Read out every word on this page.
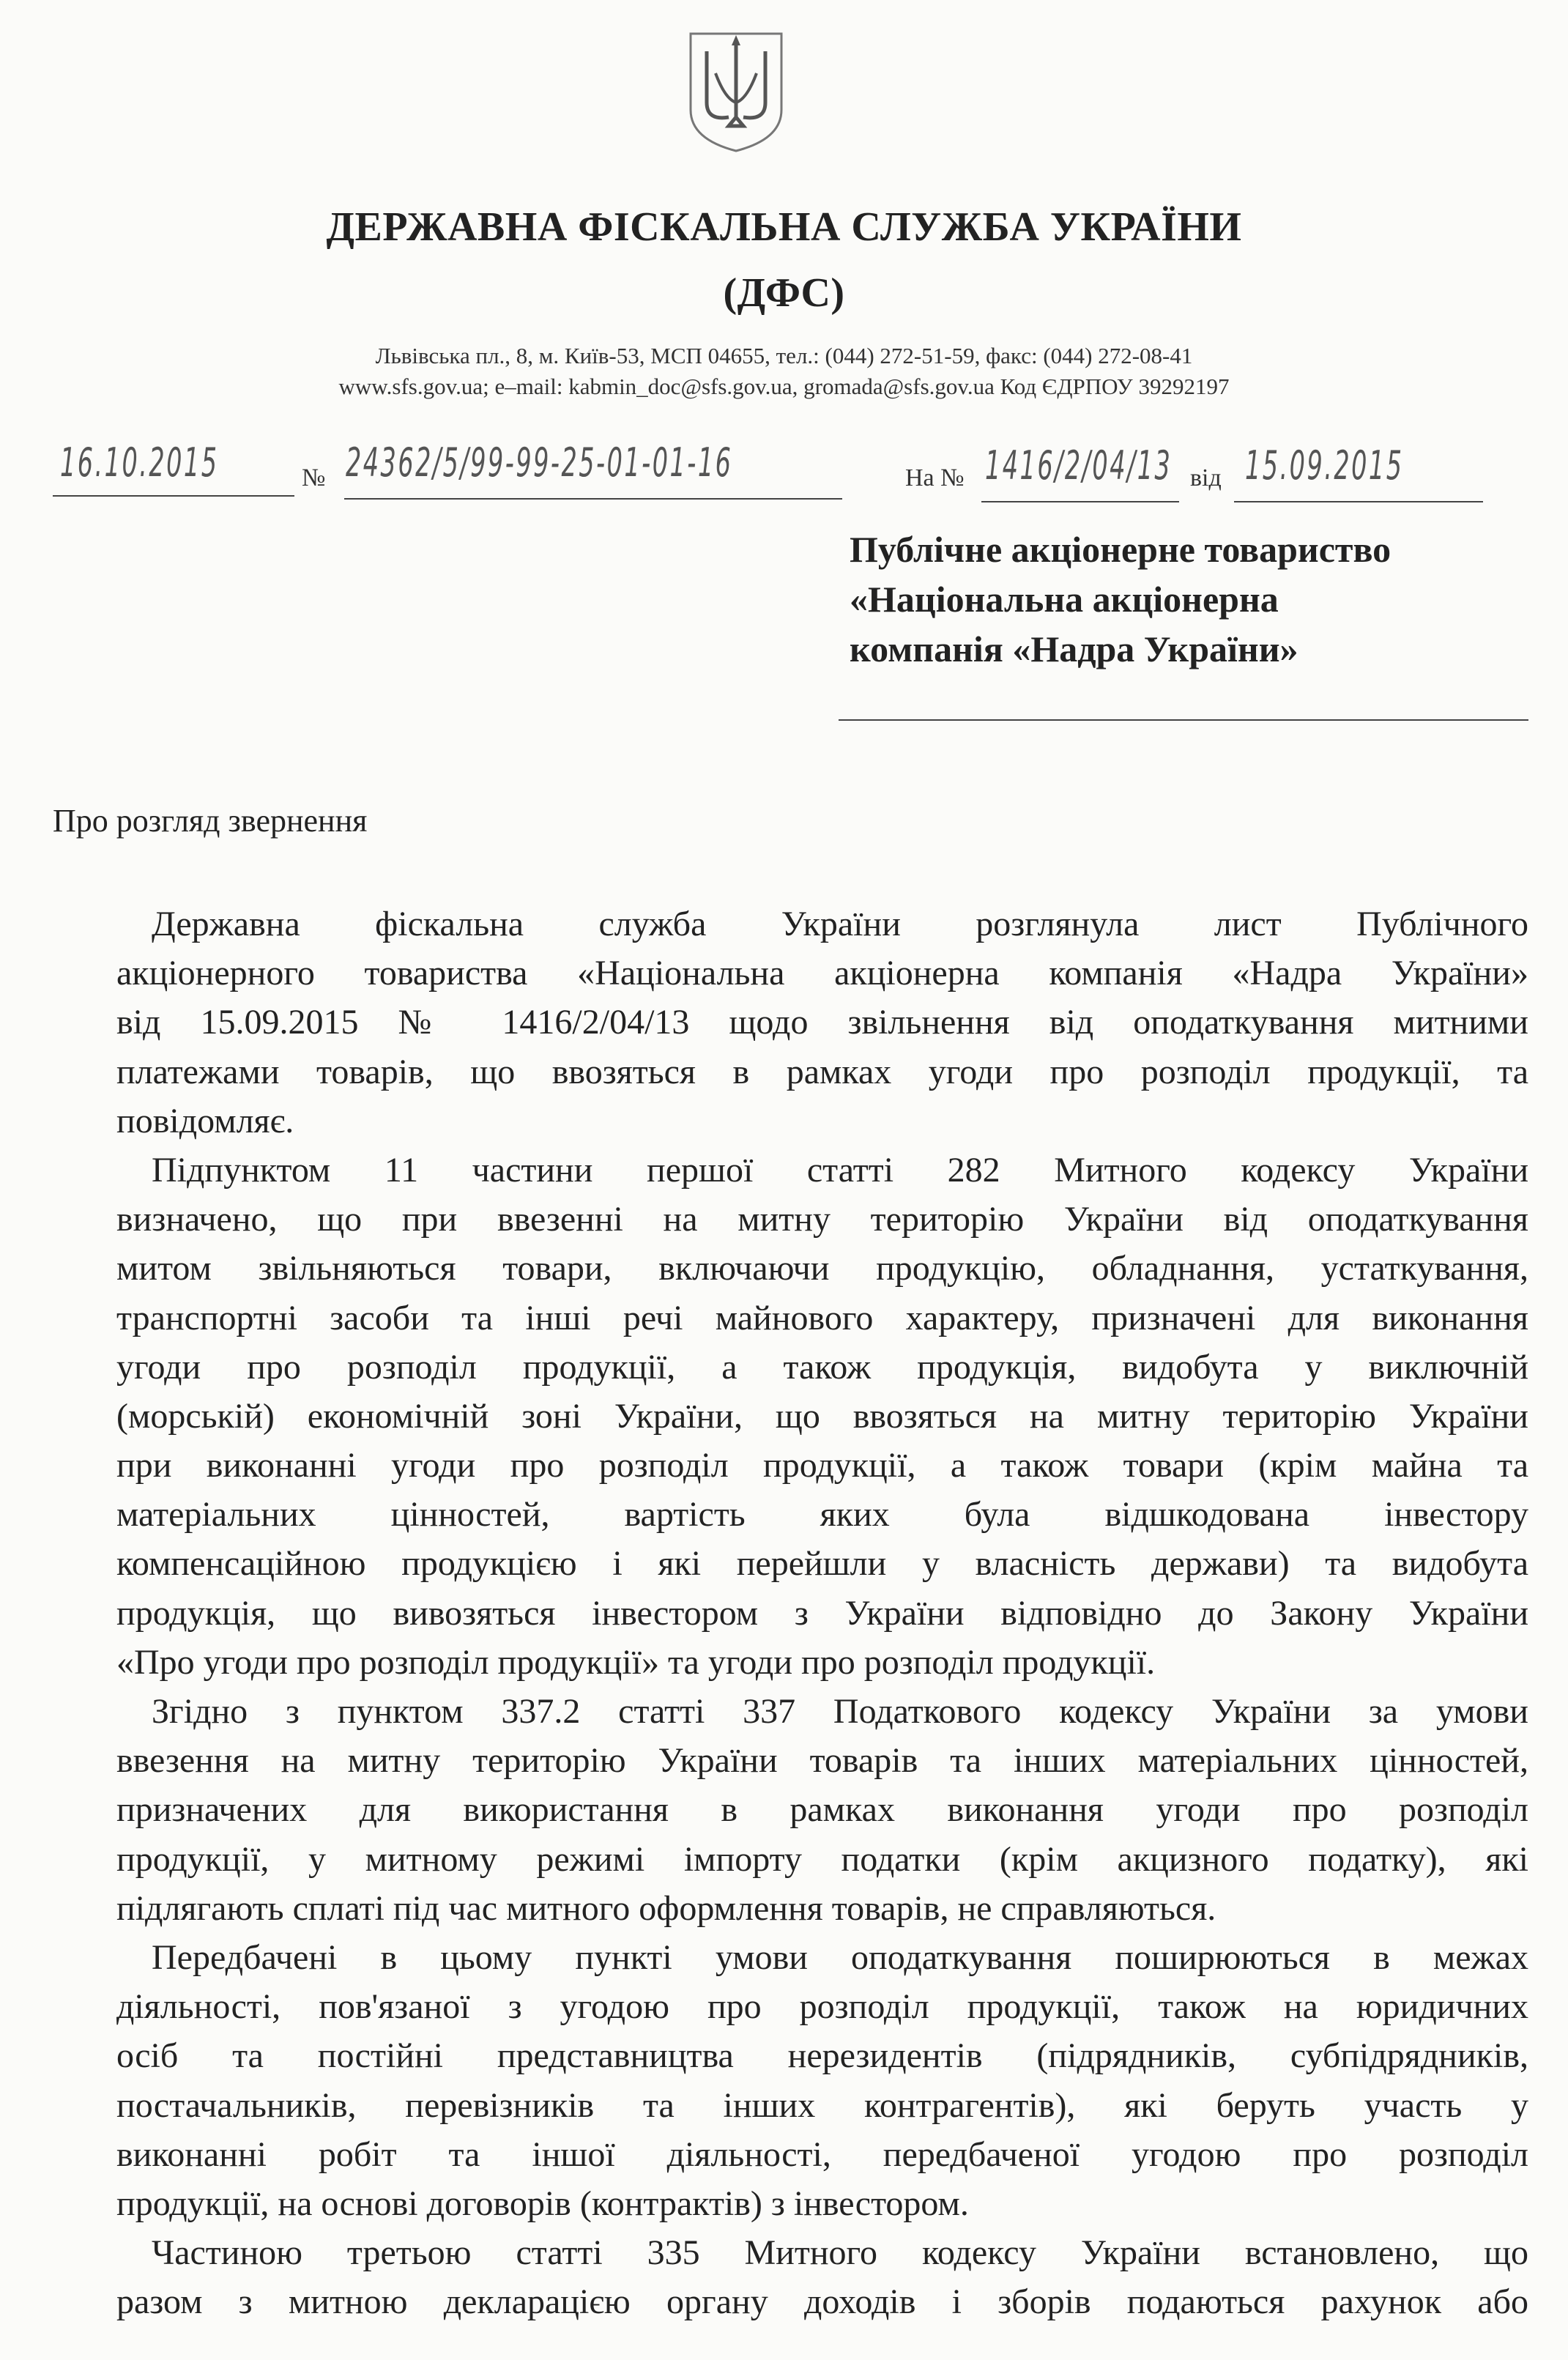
ДЕРЖАВНА ФІСКАЛЬНА СЛУЖБА УКРАЇНИ
(ДФС)
Львівська пл., 8, м. Київ-53, МСП 04655, тел.: (044) 272-51-59, факс: (044) 272-08-41
www.sfs.gov.ua; e–mail: kabmin_doc@sfs.gov.ua, gromada@sfs.gov.ua Код ЄДРПОУ 39292197
16.10.2015	№ 24362/5/99-99-25-01-01-16	На № 1416/2/04/13 від 15.09.2015
Публічне акціонерне товариство
«Національна акціонерна
компанія «Надра України»
Про розгляд звернення
Державна фіскальна служба України розглянула лист Публічного
акціонерного товариства «Національна акціонерна компанія «Надра України»
від 15.09.2015 № 1416/2/04/13 щодо звільнення від оподаткування митними
платежами товарів, що ввозяться в рамках угоди про розподіл продукції, та
повідомляє.
Підпунктом 11 частини першої статті 282 Митного кодексу України
визначено, що при ввезенні на митну територію України від оподаткування
митом звільняються товари, включаючи продукцію, обладнання, устаткування,
транспортні засоби та інші речі майнового характеру, призначені для виконання
угоди про розподіл продукції, а також продукція, видобута у виключній
(морській) економічній зоні України, що ввозяться на митну територію України
при виконанні угоди про розподіл продукції, а також товари (крім майна та
матеріальних цінностей, вартість яких була відшкодована інвестору
компенсаційною продукцією і які перейшли у власність держави) та видобута
продукція, що вивозяться інвестором з України відповідно до Закону України
«Про угоди про розподіл продукції» та угоди про розподіл продукції.
Згідно з пунктом 337.2 статті 337 Податкового кодексу України за умови
ввезення на митну територію України товарів та інших матеріальних цінностей,
призначених для використання в рамках виконання угоди про розподіл
продукції, у митному режимі імпорту податки (крім акцизного податку), які
підлягають сплаті під час митного оформлення товарів, не справляються.
Передбачені в цьому пункті умови оподаткування поширюються в межах
діяльності, пов'язаної з угодою про розподіл продукції, також на юридичних
осіб та постійні представництва нерезидентів (підрядників, субпідрядників,
постачальників, перевізників та інших контрагентів), які беруть участь у
виконанні робіт та іншої діяльності, передбаченої угодою про розподіл
продукції, на основі договорів (контрактів) з інвестором.
Частиною третьою статті 335 Митного кодексу України встановлено, що
разом з митною декларацією органу доходів і зборів подаються рахунок або
